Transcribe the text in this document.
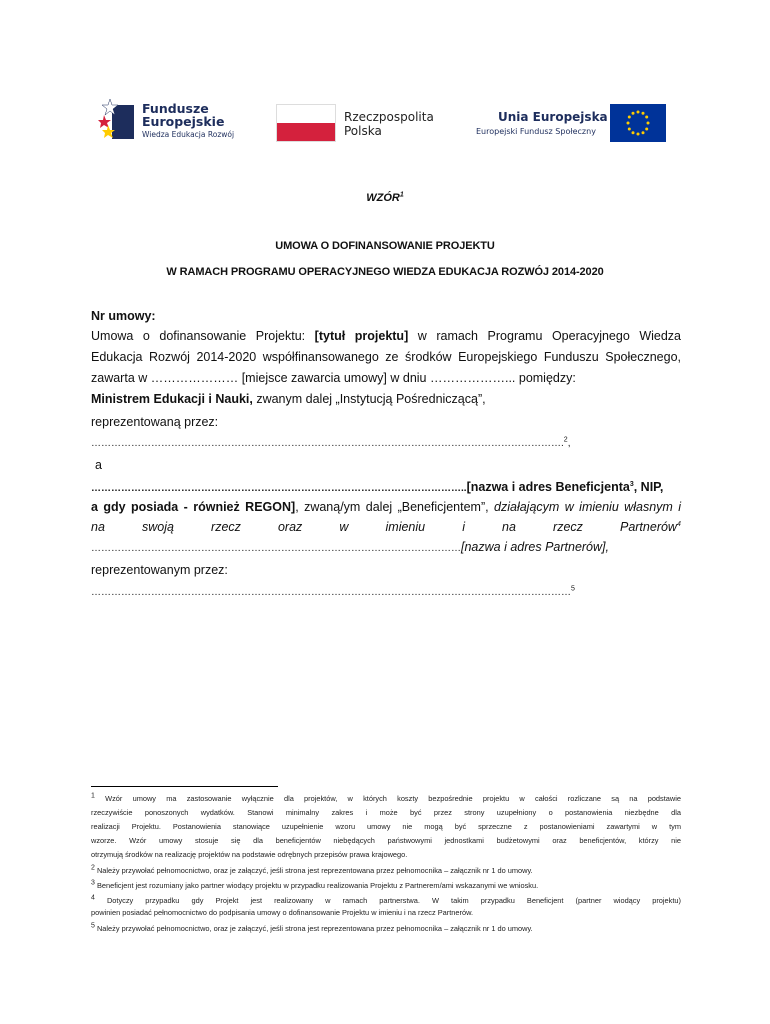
Fundusze
Europejskie
Wiedza Edukacja Rozwój
Rzeczpospolita
Polska
Unia Europejska
Europejski Fundusz Społeczny
WZÓR$^1$
UMOWA O DOFINANSOWANIE PROJEKTU
W RAMACH PROGRAMU OPERACYJNEGO WIEDZA EDUKACJA ROZWÓJ 2014-2020
Nr umowy:
Umowa o dofinansowanie Projektu: [tytuł projektu] w ramach Programu Operacyjnego Wiedza
Edukacja Rozwój 2014-2020 współfinansowanego ze środków Europejskiego Funduszu Społecznego,
zawarta w ………………… [miejsce zawarcia umowy] w dniu ………………... pomiędzy:
Ministrem Edukacji i Nauki, zwanym dalej „Instytucją Pośredniczącą”,
reprezentowaną przez:
…………………………………………………………………………………………………………………………….$^2$,
a
…………………………………………………………………………………………………..[nazwa i adres Beneficjenta$^3$, NIP,
a gdy posiada - również REGON], zwaną/ym dalej „Beneficjentem”, działającym w imieniu własnym i
na	swoją	rzecz	oraz	w	imieniu	i	na	rzecz	Partnerów$^4$
…………………………………………………………………………………………………[nazwa i adres Partnerów],
reprezentowanym przez:
………………………………………………………………………………………………………………………………$^5$
1 Wzór umowy ma zastosowanie wyłącznie dla projektów, w których koszty bezpośrednie projektu w całości rozliczane są na podstawie
rzeczywiście ponoszonych wydatków. Stanowi minimalny zakres i może być przez strony uzupełniony o postanowienia niezbędne dla
realizacji Projektu. Postanowienia stanowiące uzupełnienie wzoru umowy nie mogą być sprzeczne z postanowieniami zawartymi w tym
wzorze. Wzór umowy stosuje się dla beneficjentów niebędących państwowymi jednostkami budżetowymi oraz beneficjentów, którzy nie
otrzymują środków na realizację projektów na podstawie odrębnych przepisów prawa krajowego.
2 Należy przywołać pełnomocnictwo, oraz je załączyć, jeśli strona jest reprezentowana przez pełnomocnika – załącznik nr 1 do umowy.
3 Beneficjent jest rozumiany jako partner wiodący projektu w przypadku realizowania Projektu z Partnerem/ami wskazanymi we wniosku.
4 Dotyczy przypadku gdy Projekt jest realizowany w ramach partnerstwa. W takim przypadku Beneficjent (partner wiodący projektu)
powinien posiadać pełnomocnictwo do podpisania umowy o dofinansowanie Projektu w imieniu i na rzecz Partnerów.
5 Należy przywołać pełnomocnictwo, oraz je załączyć, jeśli strona jest reprezentowana przez pełnomocnika – załącznik nr 1 do umowy.
